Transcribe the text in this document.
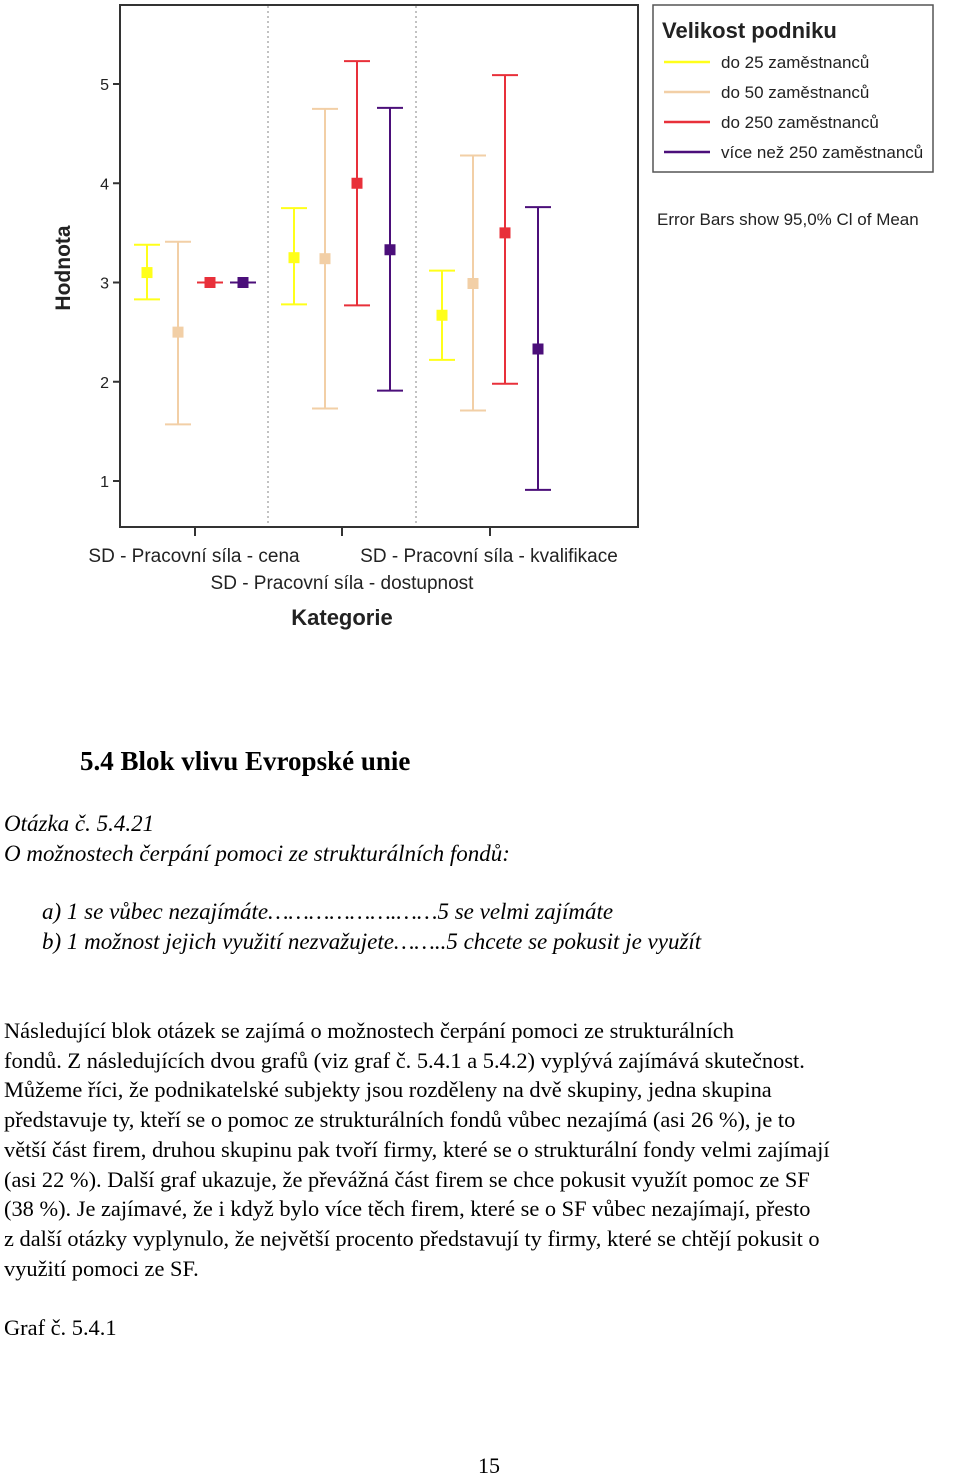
1
2
3
4
5
Hodnota
SD - Pracovní síla - cena
SD - Pracovní síla - dostupnost
SD - Pracovní síla - kvalifikace
Kategorie
Velikost podniku
do 25 zaměstnanců
do 50 zaměstnanců
do 250 zaměstnanců
více než 250 zaměstnanců
Error Bars show 95,0% Cl of Mean
5.4 Blok vlivu Evropské unie
Otázka č. 5.4.21
O možnostech čerpání pomoci ze strukturálních fondů:
a) 1 se vůbec nezajímáte……………….……5 se velmi zajímáte
b) 1 možnost jejich využití nezvažujete……..5 chcete se pokusit je využít
Následující blok otázek se zajímá o možnostech čerpání pomoci ze strukturálních
fondů. Z následujících dvou grafů (viz graf č. 5.4.1 a 5.4.2) vyplývá zajímává skutečnost.
Můžeme říci, že podnikatelské subjekty jsou rozděleny na dvě skupiny, jedna skupina
představuje ty, kteří se o pomoc ze strukturálních fondů vůbec nezajímá (asi 26 %), je to
větší část firem, druhou skupinu pak tvoří firmy, které se o strukturální fondy velmi zajímají
(asi 22 %). Další graf ukazuje, že převážná část firem se chce pokusit využít pomoc ze SF
(38 %). Je zajímavé, že i když bylo více těch firem, které se o SF vůbec nezajímají, přesto
z další otázky vyplynulo, že největší procento představují ty firmy, které se chtějí pokusit o
využití pomoci ze SF.
Graf č. 5.4.1
15
